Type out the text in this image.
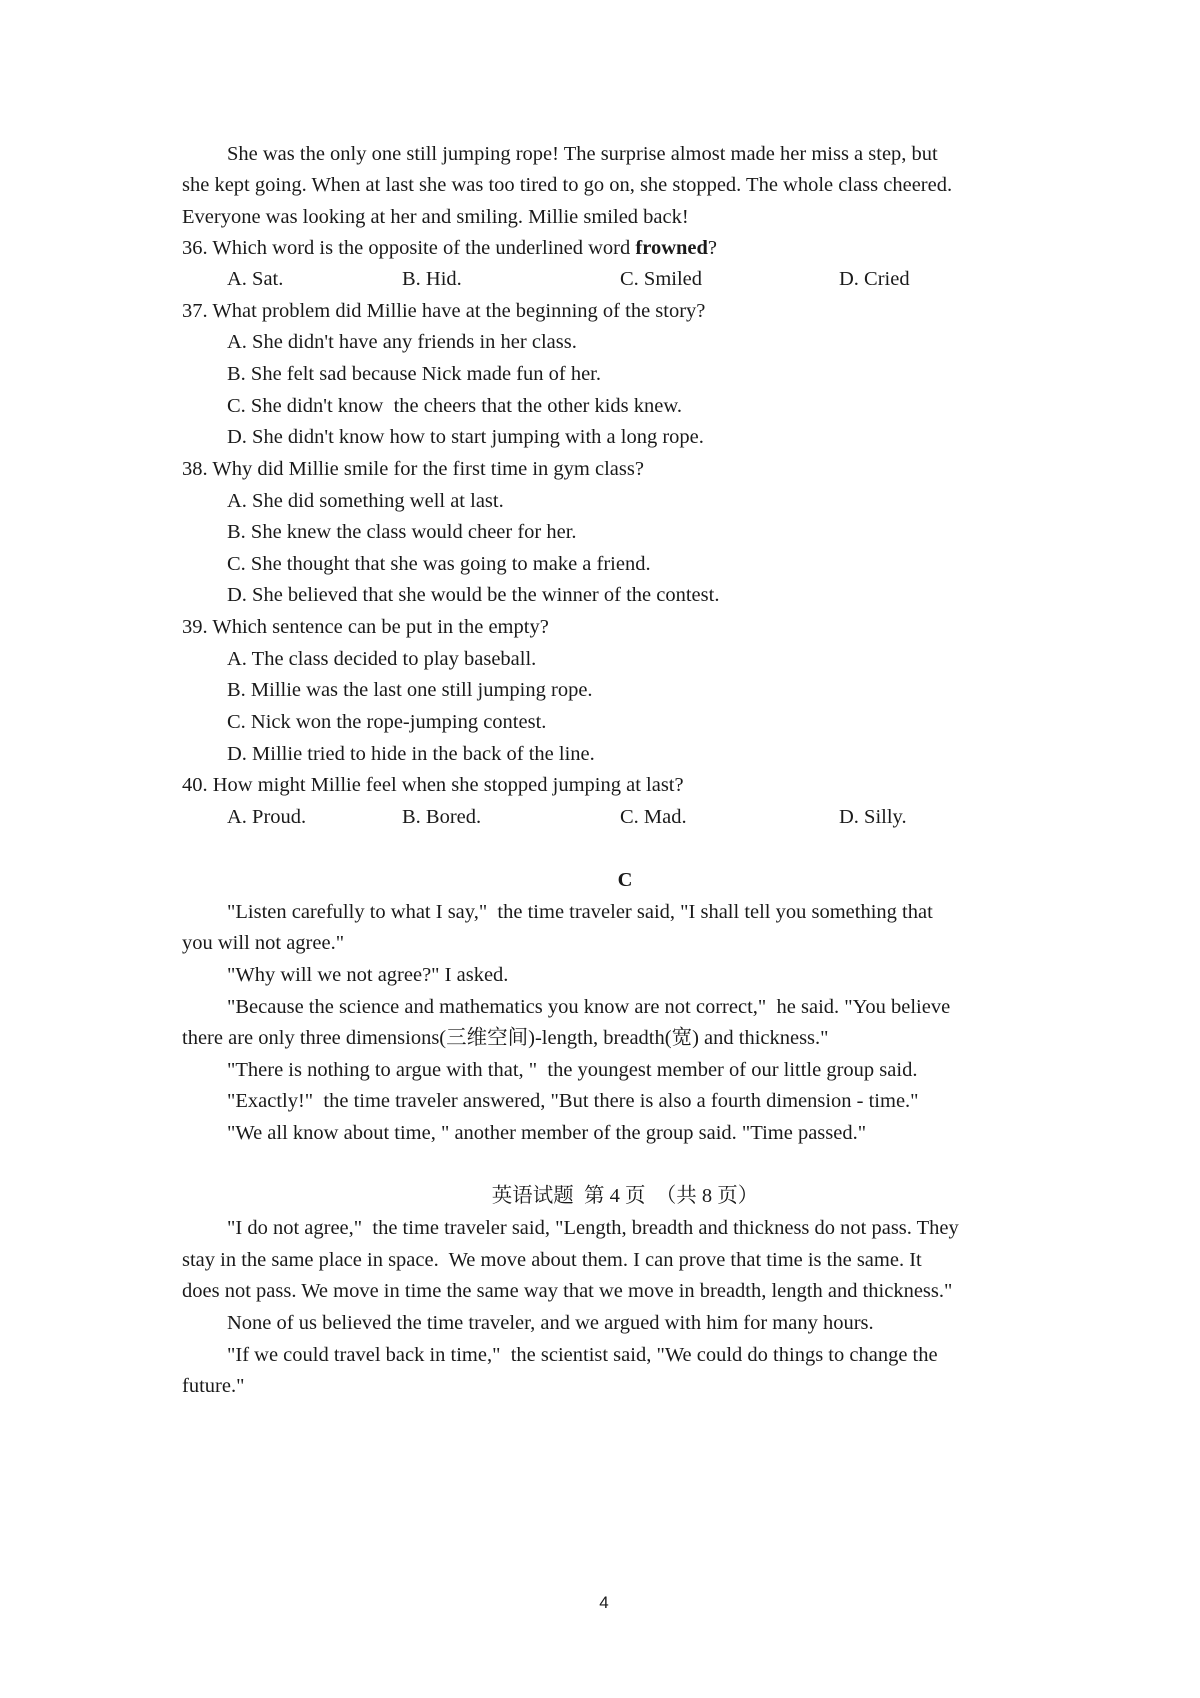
She was the only one still jumping rope! The surprise almost made her miss a step, but
she kept going. When at last she was too tired to go on, she stopped. The whole class cheered.
Everyone was looking at her and smiling. Millie smiled back!
36. Which word is the opposite of the underlined word frowned?
A. Sat.	B. Hid.	C. Smiled	D. Cried
37. What problem did Millie have at the beginning of the story?
A. She didn't have any friends in her class.
B. She felt sad because Nick made fun of her.
C. She didn't know  the cheers that the other kids knew.
D. She didn't know how to start jumping with a long rope.
38. Why did Millie smile for the first time in gym class?
A. She did something well at last.
B. She knew the class would cheer for her.
C. She thought that she was going to make a friend.
D. She believed that she would be the winner of the contest.
39. Which sentence can be put in the empty?
A. The class decided to play baseball.
B. Millie was the last one still jumping rope.
C. Nick won the rope-jumping contest.
D. Millie tried to hide in the back of the line.
40. How might Millie feel when she stopped jumping at last?
A. Proud.	B. Bored.	C. Mad.	D. Silly.
C
"Listen carefully to what I say,"  the time traveler said, "I shall tell you something that
you will not agree."
"Why will we not agree?" I asked.
"Because the science and mathematics you know are not correct,"  he said. "You believe
there are only three dimensions(三维空间)-length, breadth(宽) and thickness."
"There is nothing to argue with that, "  the youngest member of our little group said.
"Exactly!"  the time traveler answered, "But there is also a fourth dimension - time."
"We all know about time, " another member of the group said. "Time passed."
英语试题  第 4 页  （共 8 页）
"I do not agree,"  the time traveler said, "Length, breadth and thickness do not pass. They
stay in the same place in space.  We move about them. I can prove that time is the same. It
does not pass. We move in time the same way that we move in breadth, length and thickness."
None of us believed the time traveler, and we argued with him for many hours.
"If we could travel back in time,"  the scientist said, "We could do things to change the
future."
4
